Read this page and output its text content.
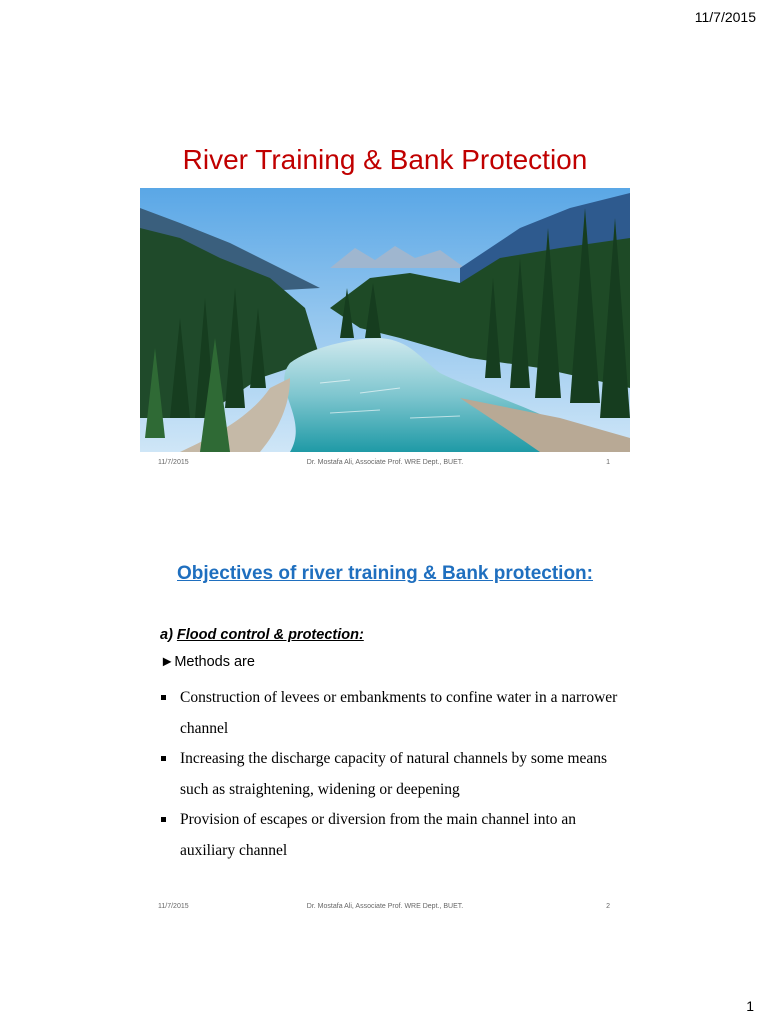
11/7/2015
River Training & Bank Protection
11/7/2015	Dr. Mostafa Ali, Associate Prof. WRE Dept., BUET.	1
Objectives of river training & Bank protection:
a) Flood control & protection:
►Methods are
Construction of levees or embankments to confine water in a narrower channel
Increasing the discharge capacity of natural channels by some means such as straightening, widening or deepening
Provision of escapes or diversion from the main channel into an auxiliary channel
11/7/2015	Dr. Mostafa Ali, Associate Prof. WRE Dept., BUET.	2
1
